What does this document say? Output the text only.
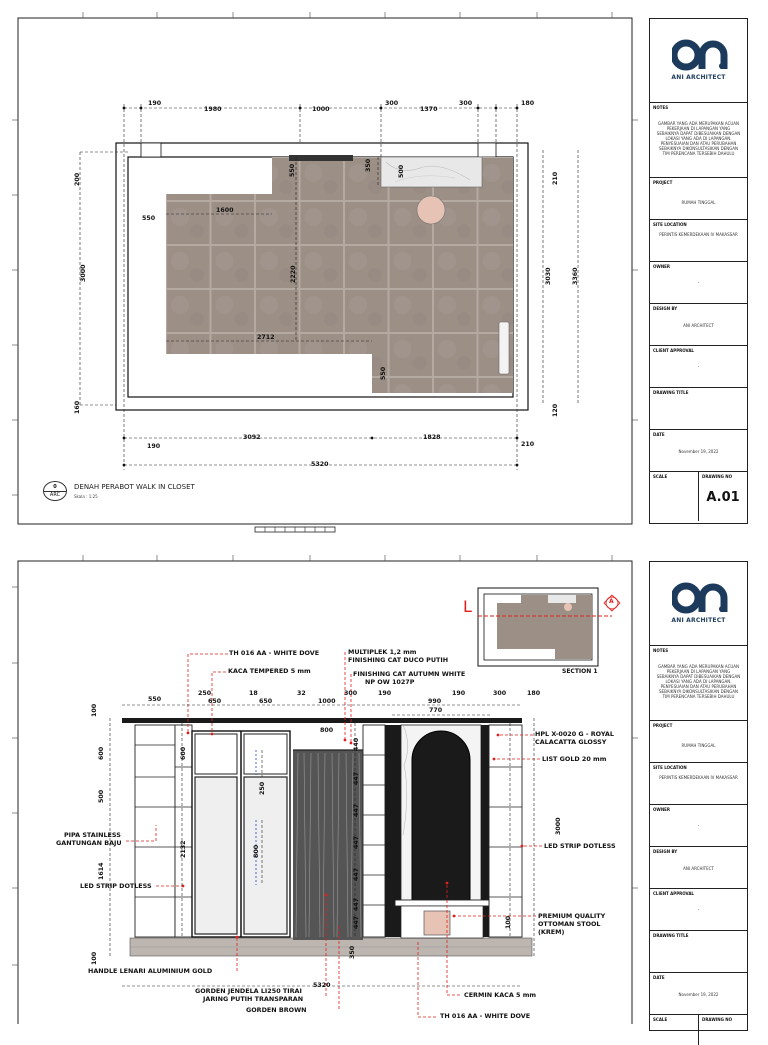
190
1980	1000
300
1370
300	180
190
3092	1828
210
5320
200
3000
160
210
3030	3360
120
1600
550
2712
2220
550
350	500
550
0
ARC
DENAH PERABOT WALK IN CLOSET
Skala : 1:25
ANI ARCHITECT
NOTES
GAMBAR YANG ADA MERUPAKAN ACUAN PEKERJAAN DI LAPANGAN YANG SEBAIKNYA DAPAT DIBESUAIKAN DENGAN LOKASI YANG ADA DI LAPANGAN. PENYESUAIAN DAN ATAU PERUBAHAN SEBAIKNYA DIKONSULTASIKAN DENGAN TIM PERENCANA TERSEBIH DAHULU
PROJECT
RUMAH TINGGAL
SITE LOCATION
PERINTIS KEMERDEKAAN IV MAKASSAR
OWNER
-
DESIGN BY
ANI ARCHITECT
CLIENT APPROVAL
-
DRAWING TITLE
DATE
November 19, 2022
SCALE	DRAWING NO
A.01
550
250
650
18
650
32
1000
300	190
990
190	300	180
770
100
600
500
1614
100
800
600
250
800
2132
440
447
447
447
447
447
447
350
100
3000
5320
L	A
SECTION 1
TH 016 AA - WHITE DOVE
KACA TEMPERED 5 mm
MULTIPLEK 1,2 mm
FINISHING CAT DUCO PUTIH
FINISHING CAT AUTUMN WHITE
NP OW 1027P
HPL X-0020 G - ROYAL
CALACATTA GLOSSY
LIST GOLD 20 mm
PIPA STAINLESS
GANTUNGAN BAJU	LED STRIP DOTLESS
LED STRIP DOTLESS
PREMIUM QUALITY
OTTOMAN STOOL
(KREM)
HANDLE LENARI ALUMINIUM GOLD
GORDEN JENDELA LI250 TIRAI
JARING PUTIH TRANSPARAN
GORDEN BROWN
CERMIN KACA 5 mm
TH 016 AA - WHITE DOVE
ANI ARCHITECT
NOTES
GAMBAR YANG ADA MERUPAKAN ACUAN PEKERJAAN DI LAPANGAN YANG SEBAIKNYA DAPAT DIBESUAIKAN DENGAN LOKASI YANG ADA DI LAPANGAN. PENYESUAIAN DAN ATAU PERUBAHAN SEBAIKNYA DIKONSULTASIKAN DENGAN TIM PERENCANA TERSEBIH DAHULU
PROJECT
RUMAH TINGGAL
SITE LOCATION
PERINTIS KEMERDEKAAN IV MAKASSAR
OWNER
-
DESIGN BY
ANI ARCHITECT
CLIENT APPROVAL
-
DRAWING TITLE
DATE
November 19, 2022
SCALE	DRAWING NO
